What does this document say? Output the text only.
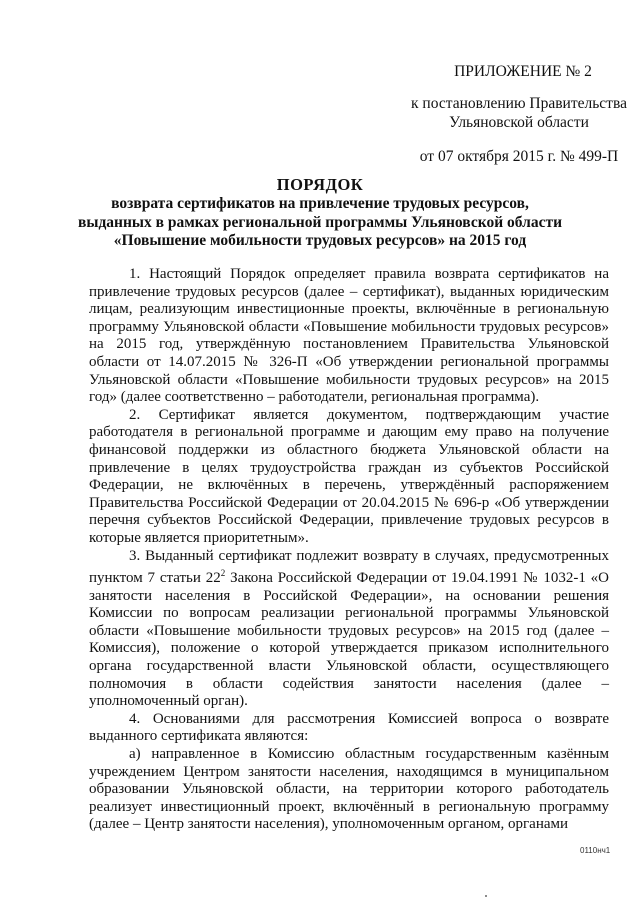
ПРИЛОЖЕНИЕ № 2
к постановлению Правительства
Ульяновской области
от 07 октября 2015 г. № 499-П
ПОРЯДОК
возврата сертификатов на привлечение трудовых ресурсов,
выданных в рамках региональной программы Ульяновской области
«Повышение мобильности трудовых ресурсов» на 2015 год

1. Настоящий Порядок определяет правила возврата сертификатов на привлечение трудовых ресурсов (далее – сертификат), выданных юридическим лицам, реализующим инвестиционные проекты, включённые в региональную программу Ульяновской области «Повышение мобильности трудовых ресурсов» на 2015 год, утверждённую постановлением Правительства Ульяновской области от 14.07.2015 № 326-П «Об утверждении региональной программы Ульяновской области «Повышение мобильности трудовых ресурсов» на 2015 год» (далее соответственно – работодатели, региональная программа).

2. Сертификат является документом, подтверждающим участие работодателя в региональной программе и дающим ему право на получение финансовой поддержки из областного бюджета Ульяновской области на привлечение в целях трудоустройства граждан из субъектов Российской Федерации, не включённых в перечень, утверждённый распоряжением Правительства Российской Федерации от 20.04.2015 № 696-р «Об утверждении перечня субъектов Российской Федерации, привлечение трудовых ресурсов в которые является приоритетным».

3. Выданный сертификат подлежит возврату в случаях, предусмотренных пунктом 7 статьи $22^2$ Закона Российской Федерации от 19.04.1991 № 1032-1 «О занятости населения в Российской Федерации», на основании решения Комиссии по вопросам реализации региональной программы Ульяновской области «Повышение мобильности трудовых ресурсов» на 2015 год (далее – Комиссия), положение о которой утверждается приказом исполнительного органа государственной власти Ульяновской области, осуществляющего полномочия в области содействия занятости населения (далее – уполномоченный орган).

4. Основаниями для рассмотрения Комиссией вопроса о возврате выданного сертификата являются:

а) направленное в Комиссию областным государственным казённым учреждением Центром занятости населения, находящимся в муниципальном образовании Ульяновской области, на территории которого работодатель реализует инвестиционный проект, включённый в региональную программу (далее – Центр занятости населения), уполномоченным органом, органами

0110нч1
